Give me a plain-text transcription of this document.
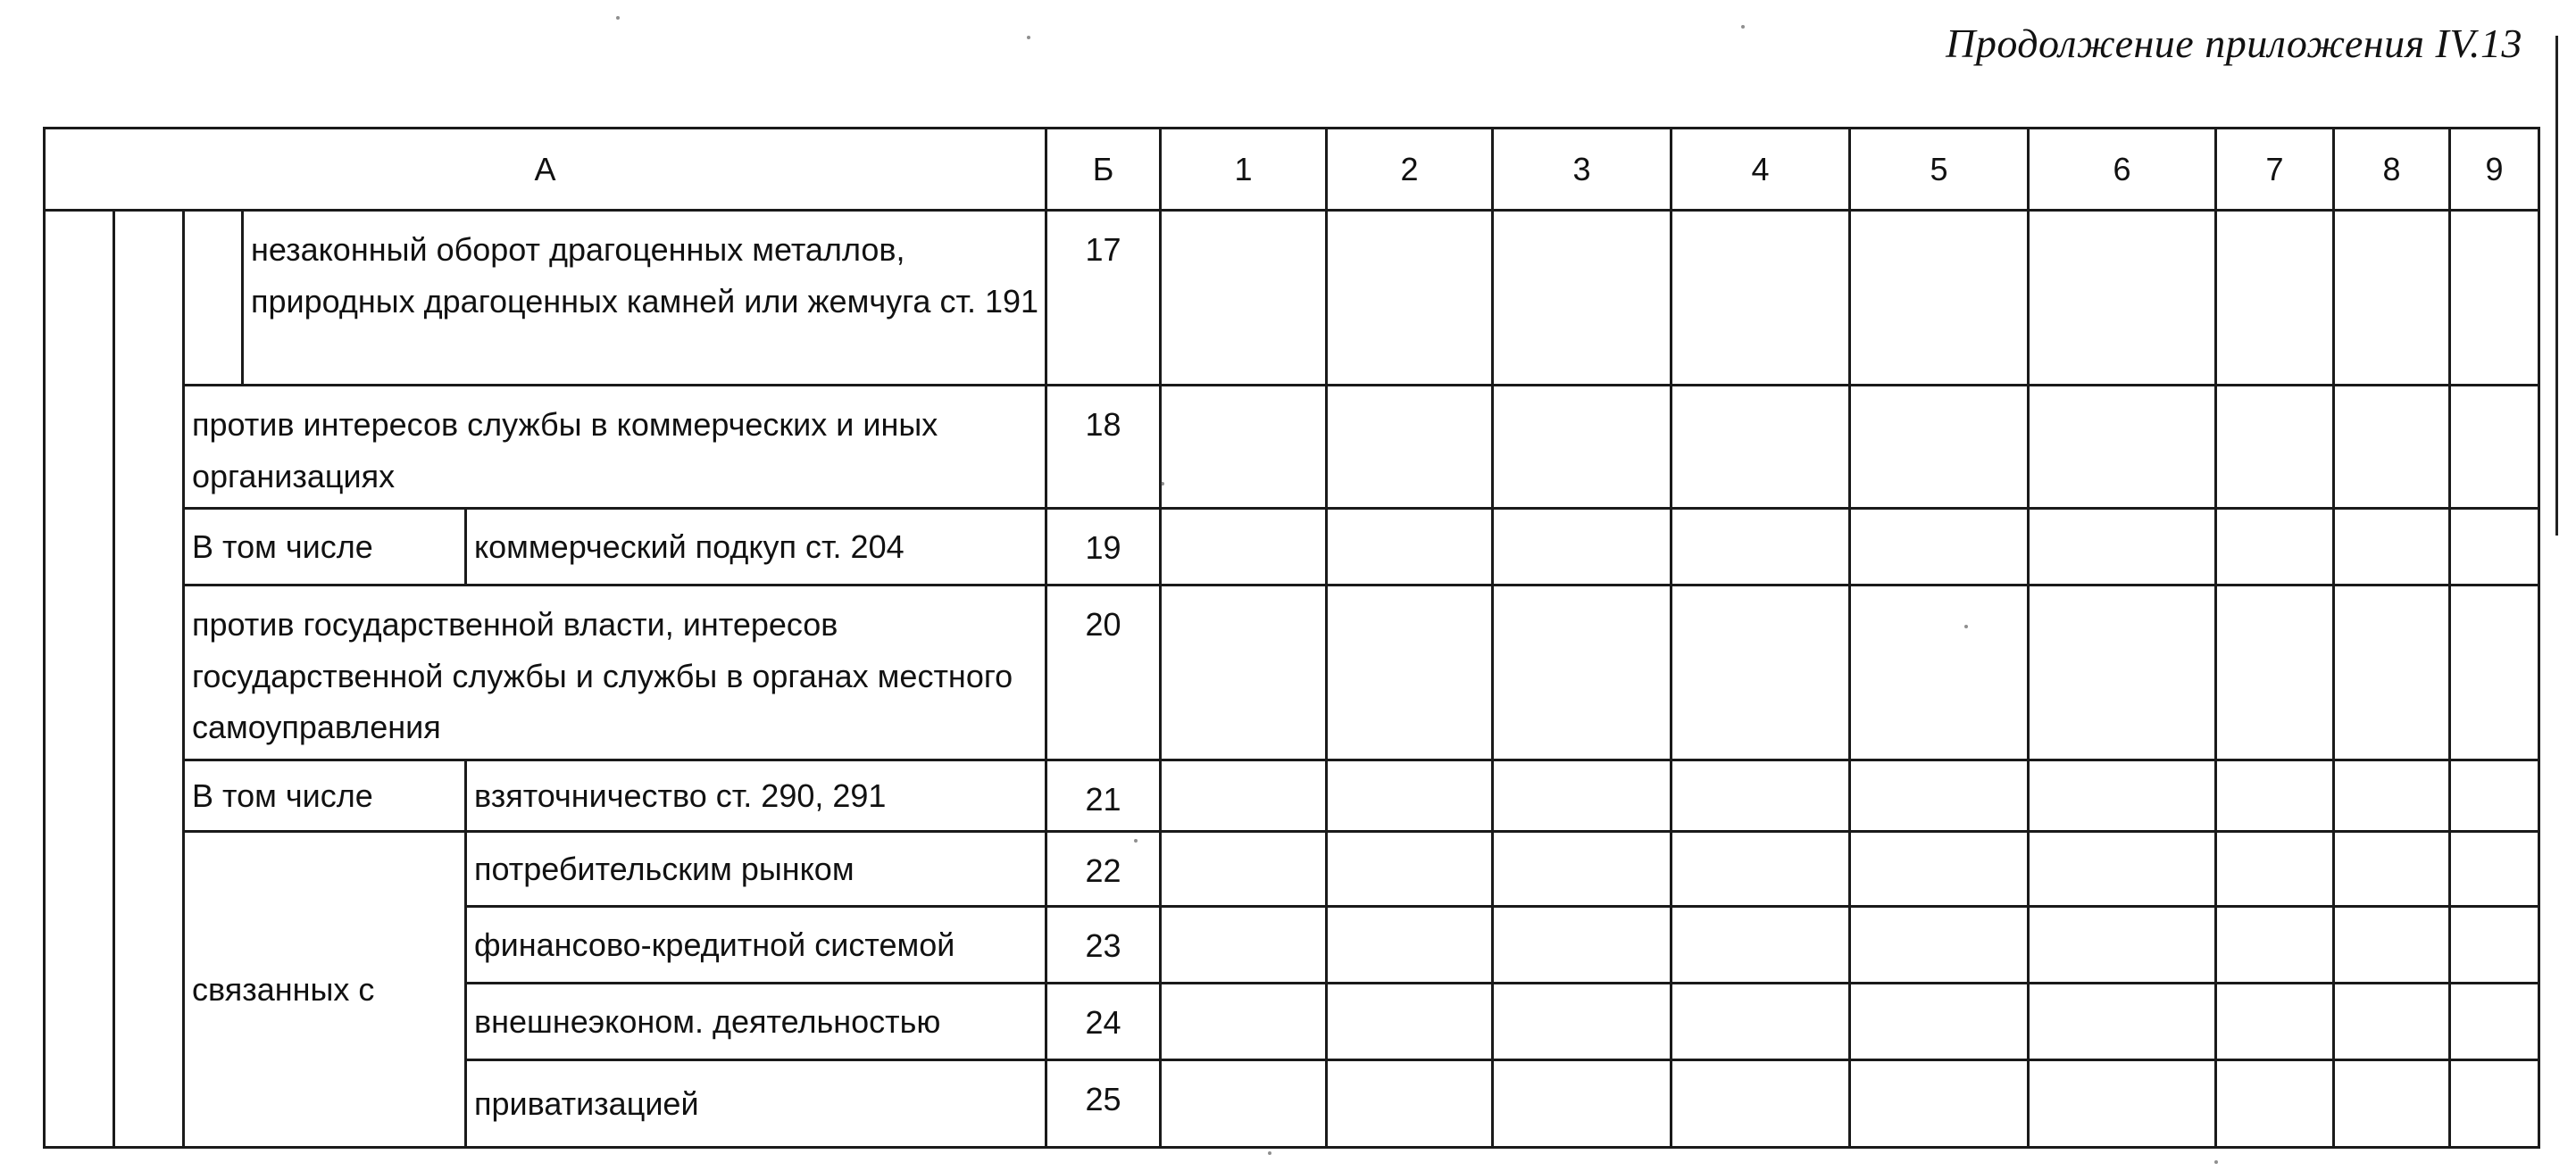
Продолжение приложения IV.13
А					Б	1	2	3	4	5	6	7	8	9
			незаконный оборот драгоценных металлов, природных драгоценных камней или жемчуга ст. 191		17									
		против интересов службы в коммерческих и иных организациях			18									
		В том числе		коммерческий подкуп ст. 204	19									
		против государственной власти, интересов государственной службы и службы в органах местного самоуправления			20									
		В том числе		взяточничество ст. 290, 291	21									
		связанных с		потребительским рынком	22									
				финансово-кредитной системой	23									
				внешнеэконом. деятельностью	24									
				приватизацией	25									
